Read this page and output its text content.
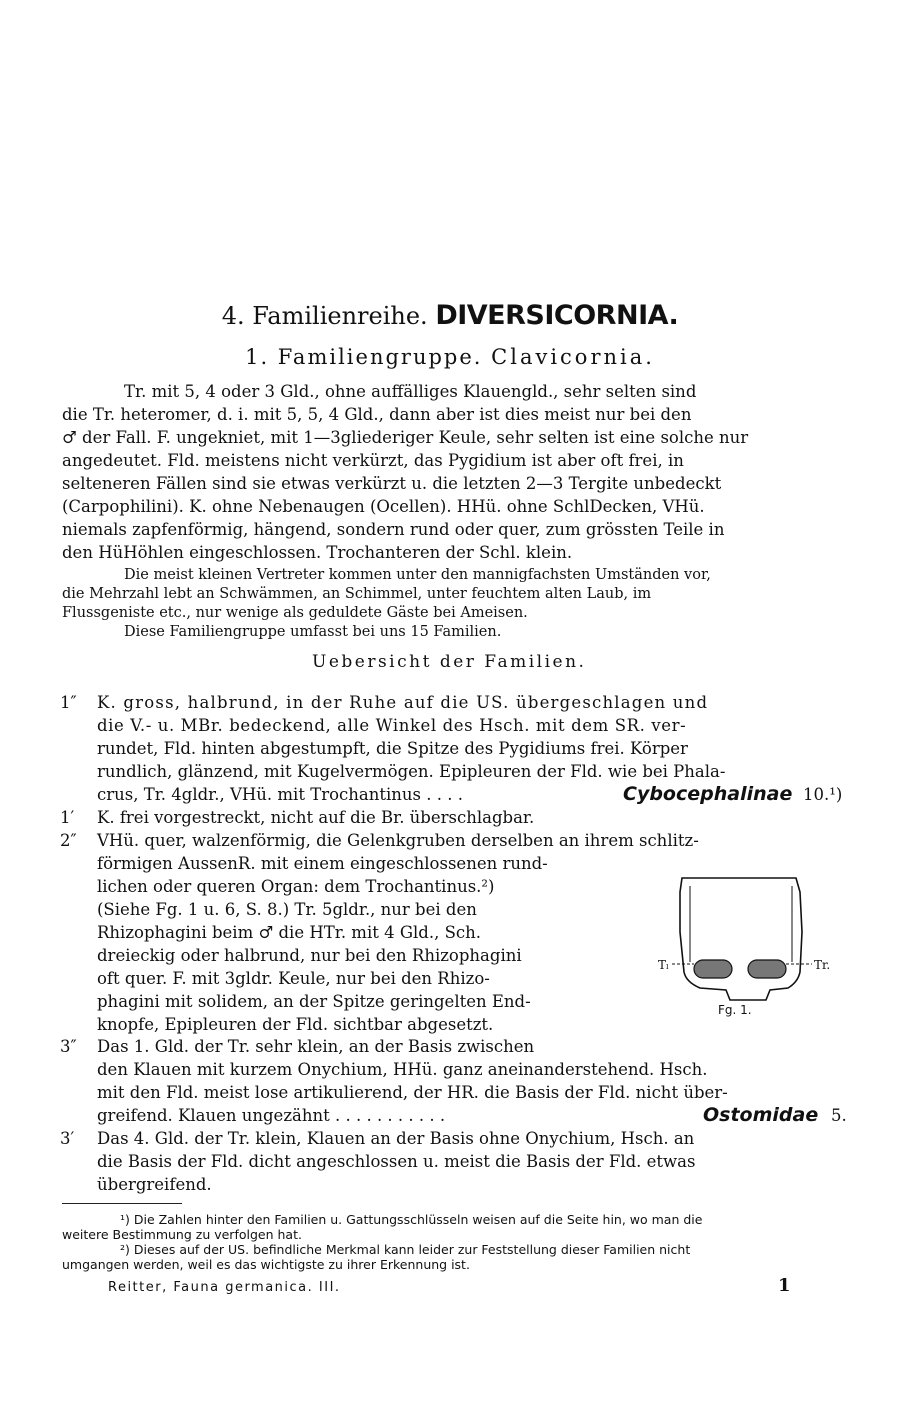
4. Familienreihe. DIVERSICORNIA.
1. Familiengruppe. Clavicornia.
Tr. mit 5, 4 oder 3 Gld., ohne auffälliges Klauengld., sehr selten sind
die Tr. heteromer, d. i. mit 5, 5, 4 Gld., dann aber ist dies meist nur bei den
♂ der Fall. F. ungekniet, mit 1—3gliederiger Keule, sehr selten ist eine solche nur
angedeutet. Fld. meistens nicht verkürzt, das Pygidium ist aber oft frei, in
selteneren Fällen sind sie etwas verkürzt u. die letzten 2—3 Tergite unbedeckt
(Carpophilini). K. ohne Nebenaugen (Ocellen). HHü. ohne SchlDecken, VHü.
niemals zapfenförmig, hängend, sondern rund oder quer, zum grössten Teile in
den HüHöhlen eingeschlossen. Trochanteren der Schl. klein.
Die meist kleinen Vertreter kommen unter den mannigfachsten Umständen vor,
die Mehrzahl lebt an Schwämmen, an Schimmel, unter feuchtem alten Laub, im
Flussgeniste etc., nur wenige als geduldete Gäste bei Ameisen.
Diese Familiengruppe umfasst bei uns 15 Familien.
Uebersicht der Familien.
1″ K. gross, halbrund, in der Ruhe auf die US. übergeschlagen und
die V.- u. MBr. bedeckend, alle Winkel des Hsch. mit dem SR. ver-
rundet, Fld. hinten abgestumpft, die Spitze des Pygidiums frei. Körper
rundlich, glänzend, mit Kugelvermögen. Epipleuren der Fld. wie bei Phala-
crus, Tr. 4gldr., VHü. mit Trochantinus . . . .	Cybocephalinae 10.¹)
1′ K. frei vorgestreckt, nicht auf die Br. überschlagbar.
2″ VHü. quer, walzenförmig, die Gelenkgruben derselben an ihrem schlitz-
förmigen AussenR. mit einem eingeschlossenen rund-
lichen oder queren Organ: dem Trochantinus.²)
(Siehe Fg. 1 u. 6, S. 8.) Tr. 5gldr., nur bei den
Rhizophagini beim ♂ die HTr. mit 4 Gld., Sch.
dreieckig oder halbrund, nur bei den Rhizophagini
oft quer. F. mit 3gldr. Keule, nur bei den Rhizo-
phagini mit solidem, an der Spitze geringelten End-
knopfe, Epipleuren der Fld. sichtbar abgesetzt.
Tₗ	Tr.
Fg. 1.
3″ Das 1. Gld. der Tr. sehr klein, an der Basis zwischen
den Klauen mit kurzem Onychium, HHü. ganz aneinanderstehend. Hsch.
mit den Fld. meist lose artikulierend, der HR. die Basis der Fld. nicht über-
greifend. Klauen ungezähnt . . . . . . . . . . .	Ostomidae 5.
3′ Das 4. Gld. der Tr. klein, Klauen an der Basis ohne Onychium, Hsch. an
die Basis der Fld. dicht angeschlossen u. meist die Basis der Fld. etwas
übergreifend.
¹) Die Zahlen hinter den Familien u. Gattungsschlüsseln weisen auf die Seite hin, wo man die
weitere Bestimmung zu verfolgen hat.
²) Dieses auf der US. befindliche Merkmal kann leider zur Feststellung dieser Familien nicht
umgangen werden, weil es das wichtigste zu ihrer Erkennung ist.
Reitter, Fauna germanica. III.	1
